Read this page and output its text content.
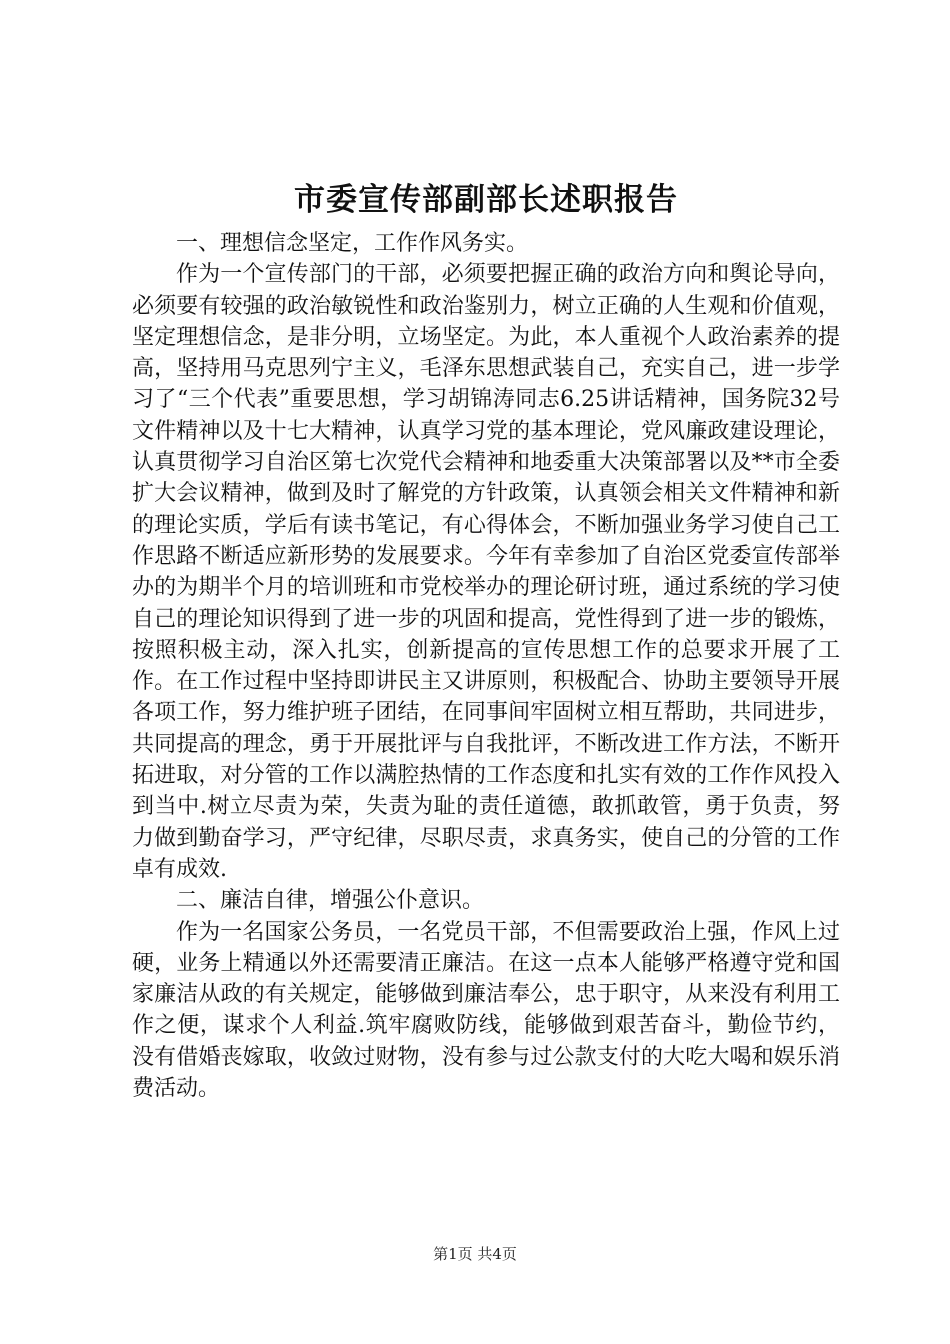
市委宣传部副部长述职报告

一、理想信念坚定，工作作风务实。

作为一个宣传部门的干部，必须要把握正确的政治方向和舆论导向，必须要有较强的政治敏锐性和政治鉴别力，树立正确的人生观和价值观，坚定理想信念，是非分明，立场坚定。为此，本人重视个人政治素养的提高，坚持用马克思列宁主义，毛泽东思想武装自己，充实自己，进一步学习了“三个代表”重要思想，学习胡锦涛同志6.25讲话精神，国务院32号文件精神以及十七大精神，认真学习党的基本理论，党风廉政建设理论，认真贯彻学习自治区第七次党代会精神和地委重大决策部署以及**市全委扩大会议精神，做到及时了解党的方针政策，认真领会相关文件精神和新的理论实质，学后有读书笔记，有心得体会，不断加强业务学习使自己工作思路不断适应新形势的发展要求。今年有幸参加了自治区党委宣传部举办的为期半个月的培训班和市党校举办的理论研讨班，通过系统的学习使自己的理论知识得到了进一步的巩固和提高，党性得到了进一步的锻炼，按照积极主动，深入扎实，创新提高的宣传思想工作的总要求开展了工作。在工作过程中坚持即讲民主又讲原则，积极配合、协助主要领导开展各项工作，努力维护班子团结，在同事间牢固树立相互帮助，共同进步，共同提高的理念，勇于开展批评与自我批评，不断改进工作方法，不断开拓进取，对分管的工作以满腔热情的工作态度和扎实有效的工作作风投入到当中.树立尽责为荣，失责为耻的责任道德，敢抓敢管，勇于负责，努力做到勤奋学习，严守纪律，尽职尽责，求真务实，使自己的分管的工作卓有成效.

二、廉洁自律，增强公仆意识。

作为一名国家公务员，一名党员干部，不但需要政治上强，作风上过硬，业务上精通以外还需要清正廉洁。在这一点本人能够严格遵守党和国家廉洁从政的有关规定，能够做到廉洁奉公，忠于职守，从来没有利用工作之便，谋求个人利益.筑牢腐败防线，能够做到艰苦奋斗，勤俭节约，没有借婚丧嫁取，收敛过财物，没有参与过公款支付的大吃大喝和娱乐消费活动。

第1页 共4页
